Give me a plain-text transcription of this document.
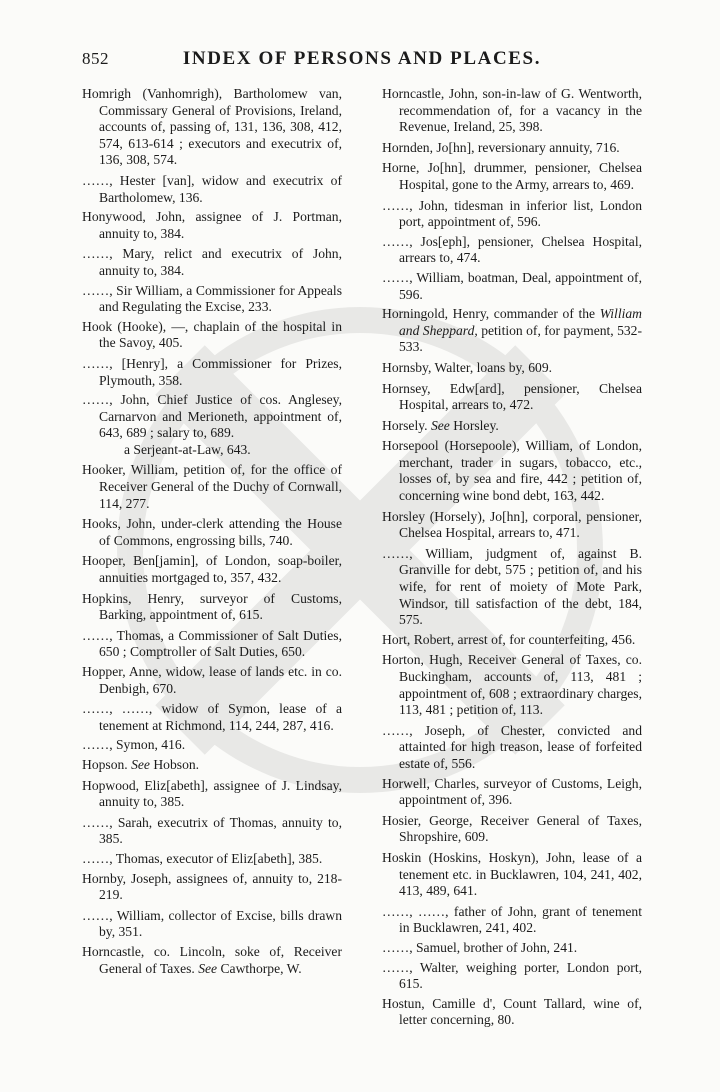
852	INDEX OF PERSONS AND PLACES.
Homrigh (Vanhomrigh), Bartholomew van, Commissary General of Provisions, Ireland, accounts of, passing of, 131, 136, 308, 412, 574, 613-614 ; executors and executrix of, 136, 308, 574.
……, Hester [van], widow and executrix of Bartholomew, 136.
Honywood, John, assignee of J. Portman, annuity to, 384.
……, Mary, relict and executrix of John, annuity to, 384.
……, Sir William, a Commissioner for Appeals and Regulating the Excise, 233.
Hook (Hooke), —, chaplain of the hospital in the Savoy, 405.
……, [Henry], a Commissioner for Prizes, Plymouth, 358.
……, John, Chief Justice of cos. Anglesey, Carnarvon and Merioneth, appointment of, 643, 689 ; salary to, 689.
a Serjeant-at-Law, 643.
Hooker, William, petition of, for the office of Receiver General of the Duchy of Cornwall, 114, 277.
Hooks, John, under-clerk attending the House of Commons, engrossing bills, 740.
Hooper, Ben[jamin], of London, soap-boiler, annuities mortgaged to, 357, 432.
Hopkins, Henry, surveyor of Customs, Barking, appointment of, 615.
……, Thomas, a Commissioner of Salt Duties, 650 ; Comptroller of Salt Duties, 650.
Hopper, Anne, widow, lease of lands etc. in co. Denbigh, 670.
……, ……, widow of Symon, lease of a tenement at Richmond, 114, 244, 287, 416.
……, Symon, 416.
Hopson. See Hobson.
Hopwood, Eliz[abeth], assignee of J. Lindsay, annuity to, 385.
……, Sarah, executrix of Thomas, annuity to, 385.
……, Thomas, executor of Eliz[abeth], 385.
Hornby, Joseph, assignees of, annuity to, 218-219.
……, William, collector of Excise, bills drawn by, 351.
Horncastle, co. Lincoln, soke of, Receiver General of Taxes. See Cawthorpe, W.
Horncastle, John, son-in-law of G. Wentworth, recommendation of, for a vacancy in the Revenue, Ireland, 25, 398.
Hornden, Jo[hn], reversionary annuity, 716.
Horne, Jo[hn], drummer, pensioner, Chelsea Hospital, gone to the Army, arrears to, 469.
……, John, tidesman in inferior list, London port, appointment of, 596.
……, Jos[eph], pensioner, Chelsea Hospital, arrears to, 474.
……, William, boatman, Deal, appointment of, 596.
Horningold, Henry, commander of the William and Sheppard, petition of, for payment, 532-533.
Hornsby, Walter, loans by, 609.
Hornsey, Edw[ard], pensioner, Chelsea Hospital, arrears to, 472.
Horsely. See Horsley.
Horsepool (Horsepoole), William, of London, merchant, trader in sugars, tobacco, etc., losses of, by sea and fire, 442 ; petition of, concerning wine bond debt, 163, 442.
Horsley (Horsely), Jo[hn], corporal, pensioner, Chelsea Hospital, arrears to, 471.
……, William, judgment of, against B. Granville for debt, 575 ; petition of, and his wife, for rent of moiety of Mote Park, Windsor, till satisfaction of the debt, 184, 575.
Hort, Robert, arrest of, for counterfeiting, 456.
Horton, Hugh, Receiver General of Taxes, co. Buckingham, accounts of, 113, 481 ; appointment of, 608 ; extraordinary charges, 113, 481 ; petition of, 113.
……, Joseph, of Chester, convicted and attainted for high treason, lease of forfeited estate of, 556.
Horwell, Charles, surveyor of Customs, Leigh, appointment of, 396.
Hosier, George, Receiver General of Taxes, Shropshire, 609.
Hoskin (Hoskins, Hoskyn), John, lease of a tenement etc. in Bucklawren, 104, 241, 402, 413, 489, 641.
……, ……, father of John, grant of tenement in Bucklawren, 241, 402.
……, Samuel, brother of John, 241.
……, Walter, weighing porter, London port, 615.
Hostun, Camille d', Count Tallard, wine of, letter concerning, 80.
